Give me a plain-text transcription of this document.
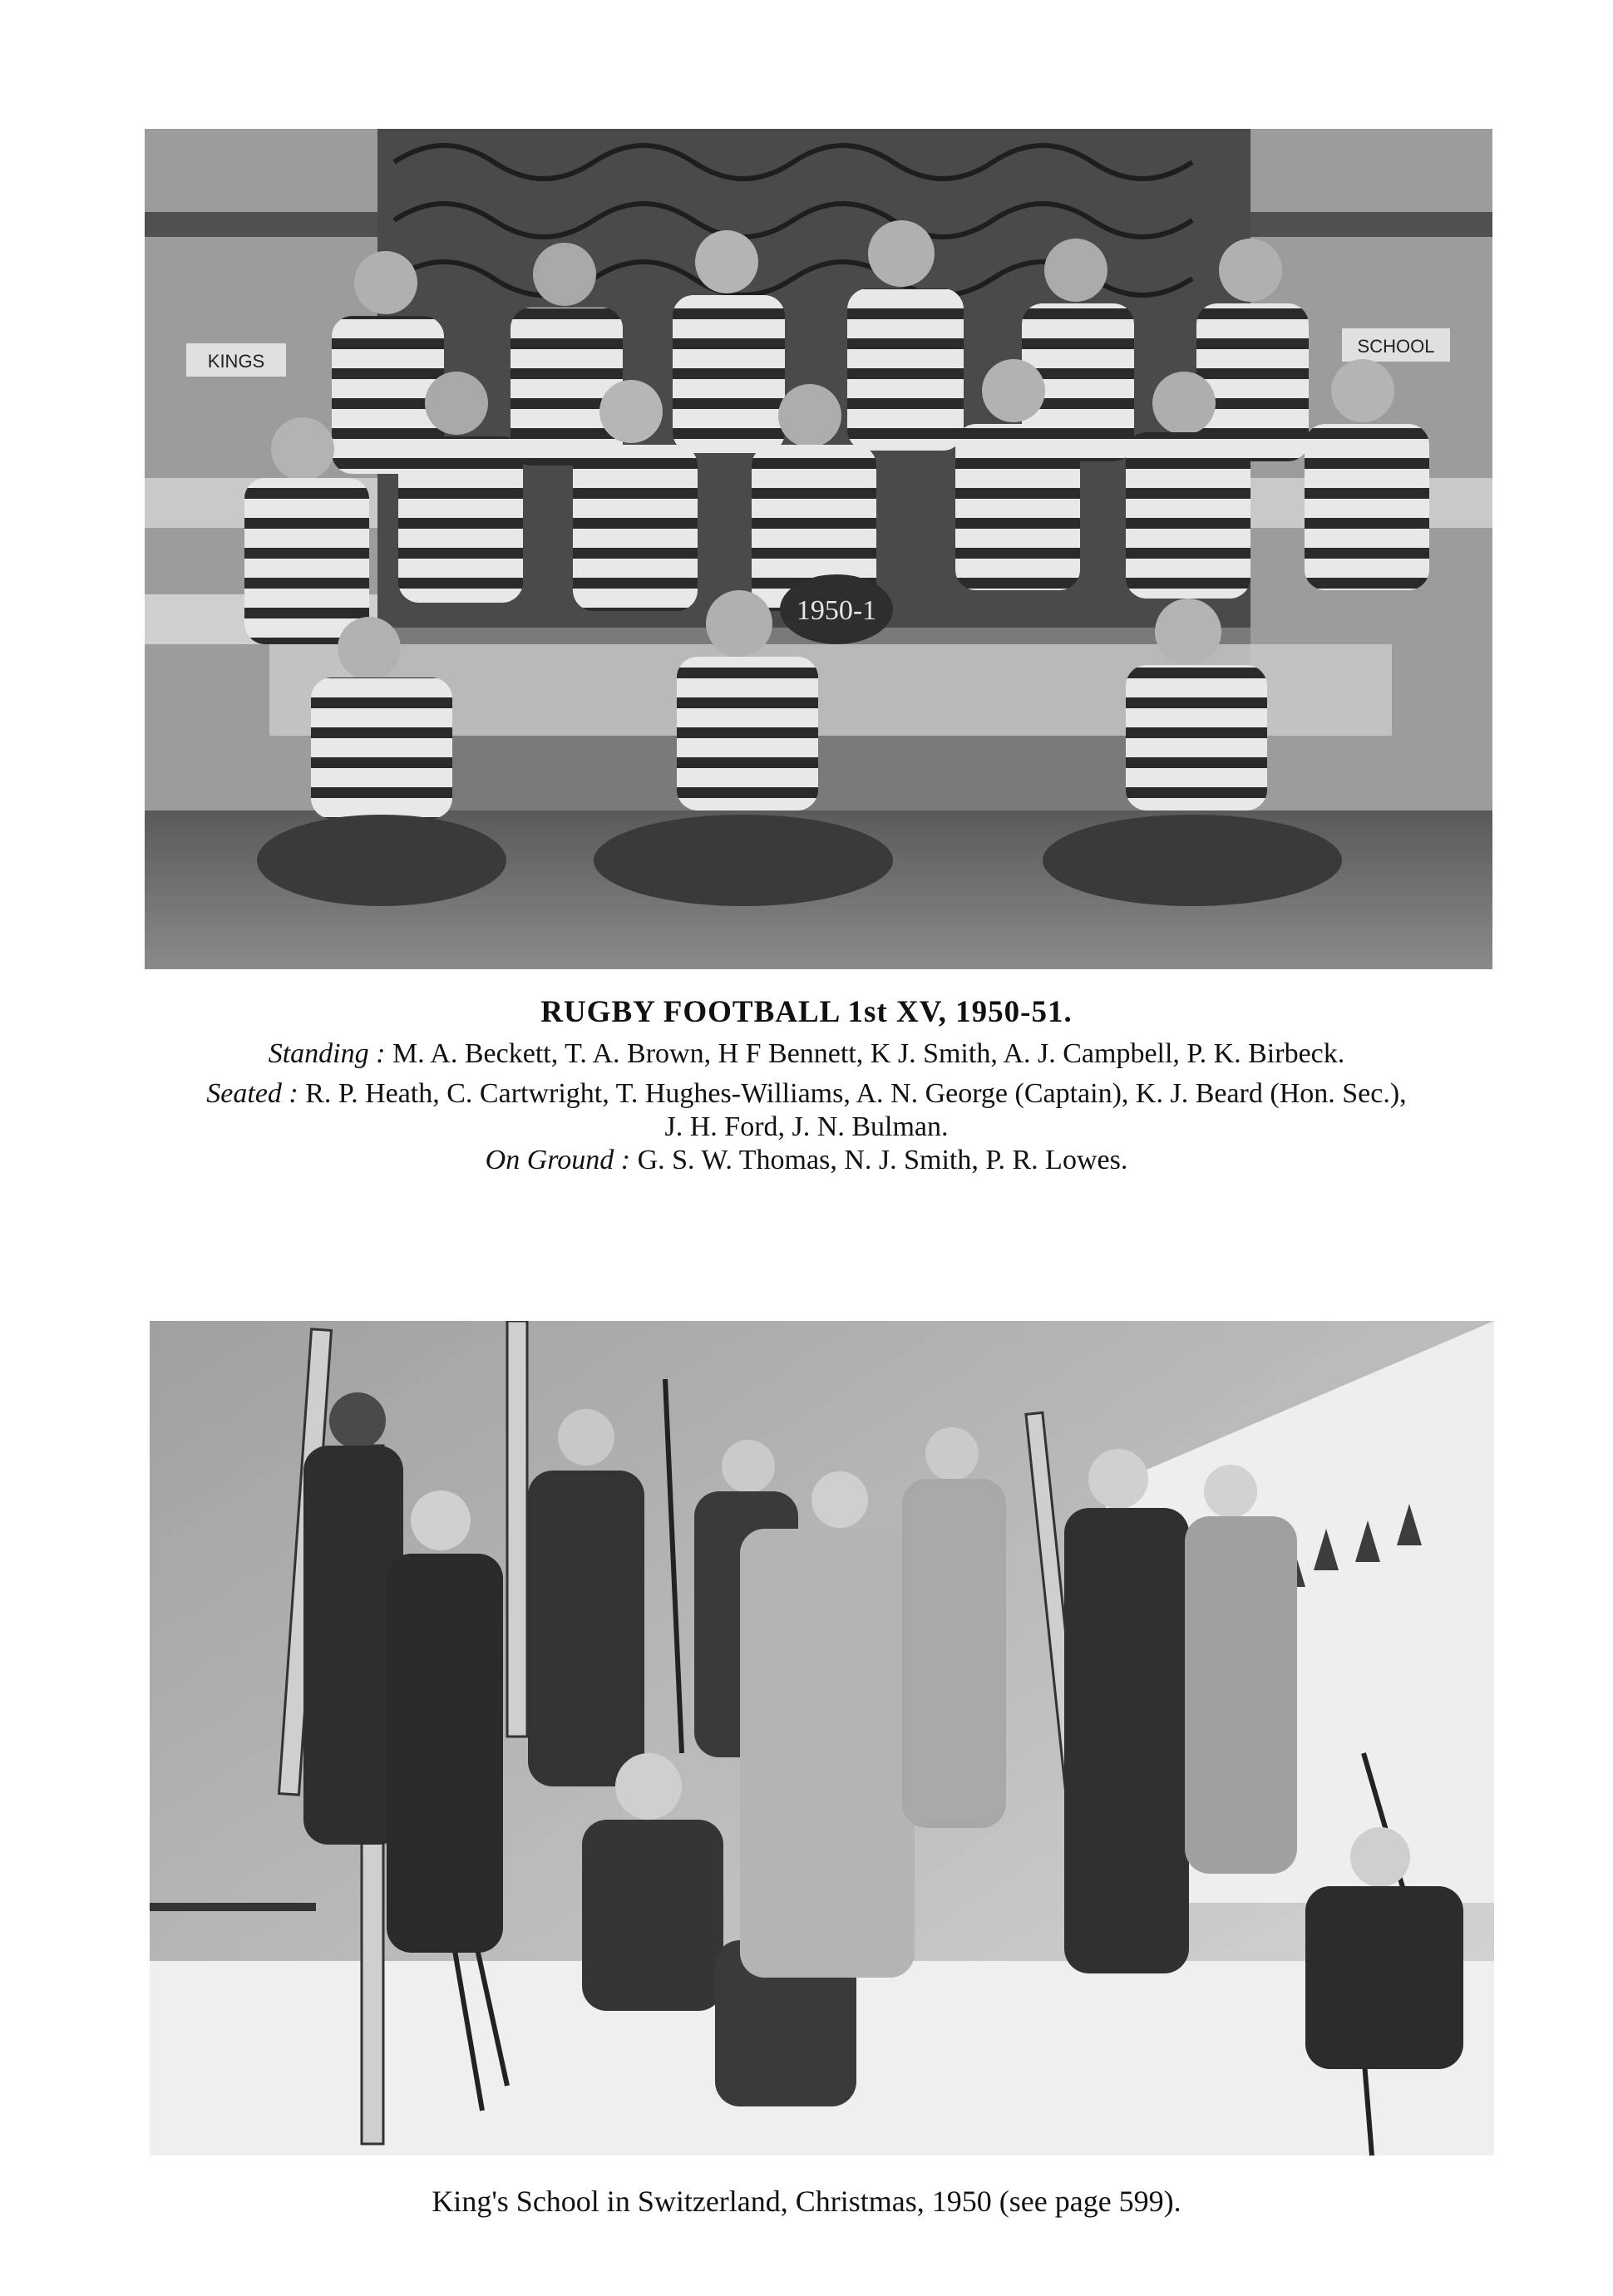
KINGS
SCHOOL
1950-1
RUGBY FOOTBALL 1st XV, 1950-51.
Standing : M. A. Beckett, T. A. Brown, H F Bennett, K J. Smith, A. J. Campbell, P. K. Birbeck.
Seated : R. P. Heath, C. Cartwright, T. Hughes-Williams, A. N. George (Captain), K. J. Beard (Hon. Sec.),
J. H. Ford, J. N. Bulman.
On Ground : G. S. W. Thomas, N. J. Smith, P. R. Lowes.
King's School in Switzerland, Christmas, 1950 (see page 599).
